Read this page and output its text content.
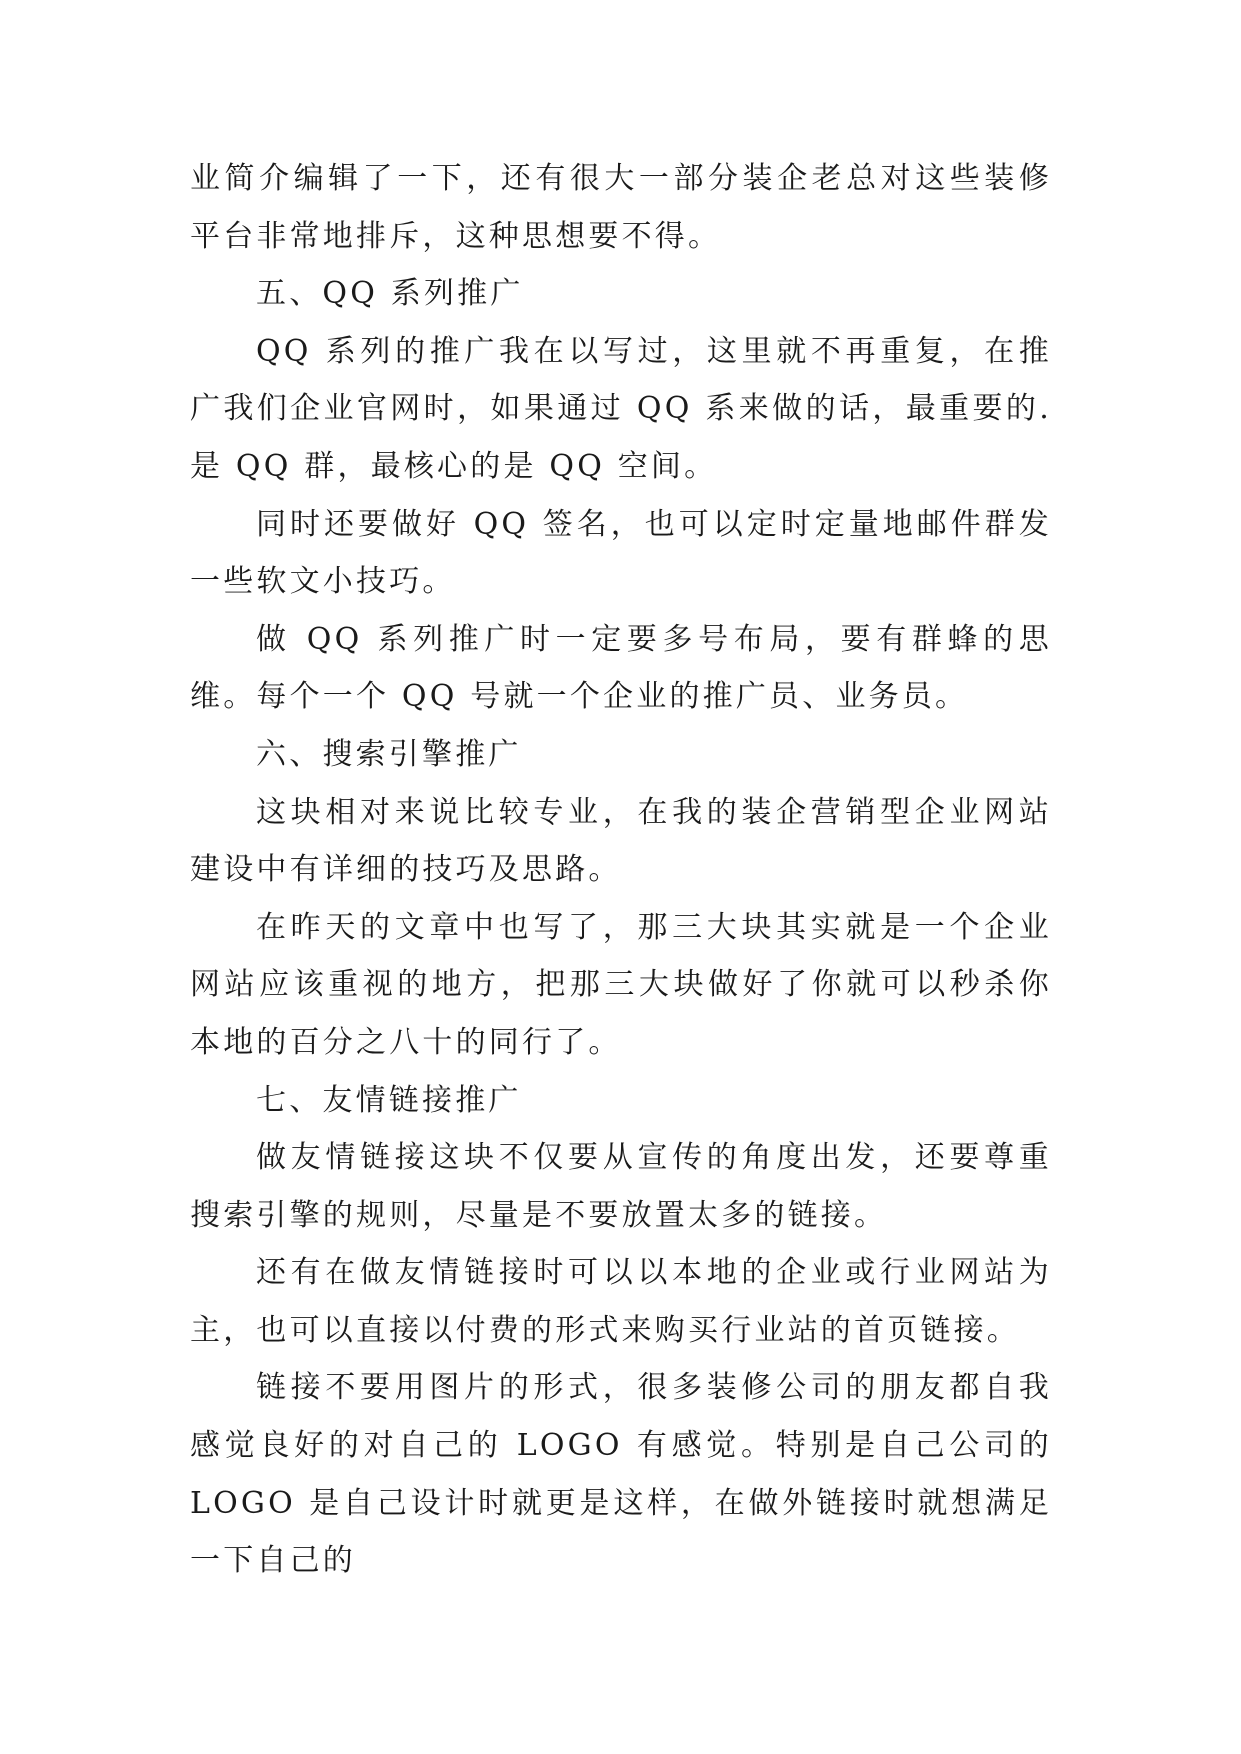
业简介编辑了一下，还有很大一部分装企老总对这些装修平台非常地排斥，这种思想要不得。

五、QQ 系列推广

QQ 系列的推广我在以写过，这里就不再重复，在推广我们企业官网时，如果通过 QQ 系来做的话，最重要的.是 QQ 群，最核心的是 QQ 空间。

同时还要做好 QQ 签名，也可以定时定量地邮件群发一些软文小技巧。

做 QQ 系列推广时一定要多号布局，要有群蜂的思维。每个一个 QQ 号就一个企业的推广员、业务员。

六、搜索引擎推广

这块相对来说比较专业，在我的装企营销型企业网站建设中有详细的技巧及思路。

在昨天的文章中也写了，那三大块其实就是一个企业网站应该重视的地方，把那三大块做好了你就可以秒杀你本地的百分之八十的同行了。

七、友情链接推广

做友情链接这块不仅要从宣传的角度出发，还要尊重搜索引擎的规则，尽量是不要放置太多的链接。

还有在做友情链接时可以以本地的企业或行业网站为主，也可以直接以付费的形式来购买行业站的首页链接。

链接不要用图片的形式，很多装修公司的朋友都自我感觉良好的对自己的 LOGO 有感觉。特别是自己公司的 LOGO 是自己设计时就更是这样，在做外链接时就想满足一下自己的
